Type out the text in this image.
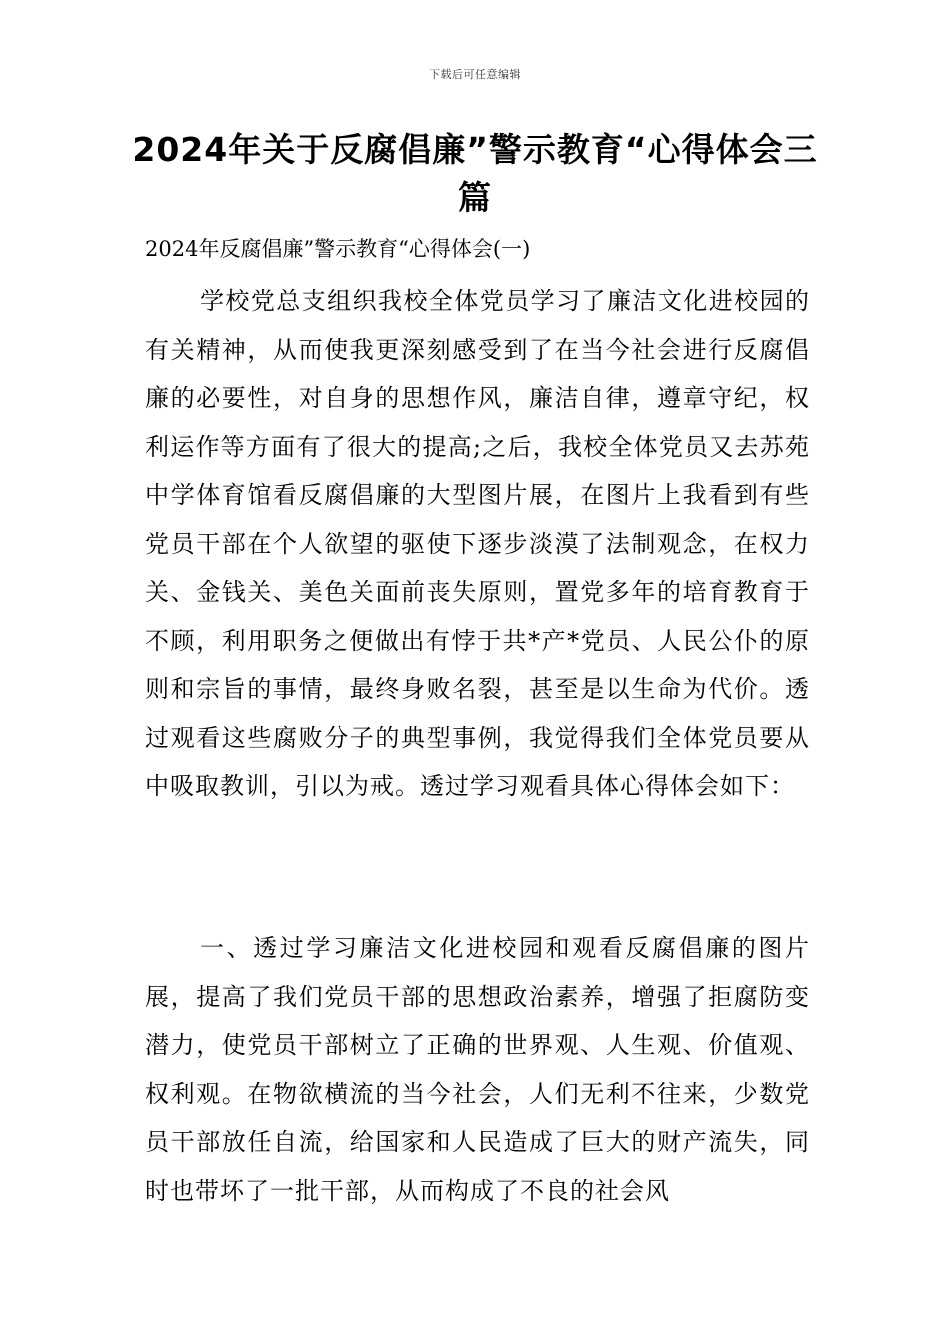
下载后可任意编辑
2024年关于反腐倡廉”警示教育“心得体会三篇

2024年反腐倡廉”警示教育“心得体会(一)

学校党总支组织我校全体党员学习了廉洁文化进校园的有关精神，从而使我更深刻感受到了在当今社会进行反腐倡廉的必要性，对自身的思想作风，廉洁自律，遵章守纪，权利运作等方面有了很大的提高;之后，我校全体党员又去苏苑中学体育馆看反腐倡廉的大型图片展，在图片上我看到有些党员干部在个人欲望的驱使下逐步淡漠了法制观念，在权力关、金钱关、美色关面前丧失原则，置党多年的培育教育于不顾，利用职务之便做出有悖于共*产*党员、人民公仆的原则和宗旨的事情，最终身败名裂，甚至是以生命为代价。透过观看这些腐败分子的典型事例，我觉得我们全体党员要从中吸取教训，引以为戒。透过学习观看具体心得体会如下：

一、透过学习廉洁文化进校园和观看反腐倡廉的图片展，提高了我们党员干部的思想政治素养，增强了拒腐防变潜力，使党员干部树立了正确的世界观、人生观、价值观、权利观。在物欲横流的当今社会，人们无利不往来，少数党员干部放任自流，给国家和人民造成了巨大的财产流失，同时也带坏了一批干部，从而构成了不良的社会风
